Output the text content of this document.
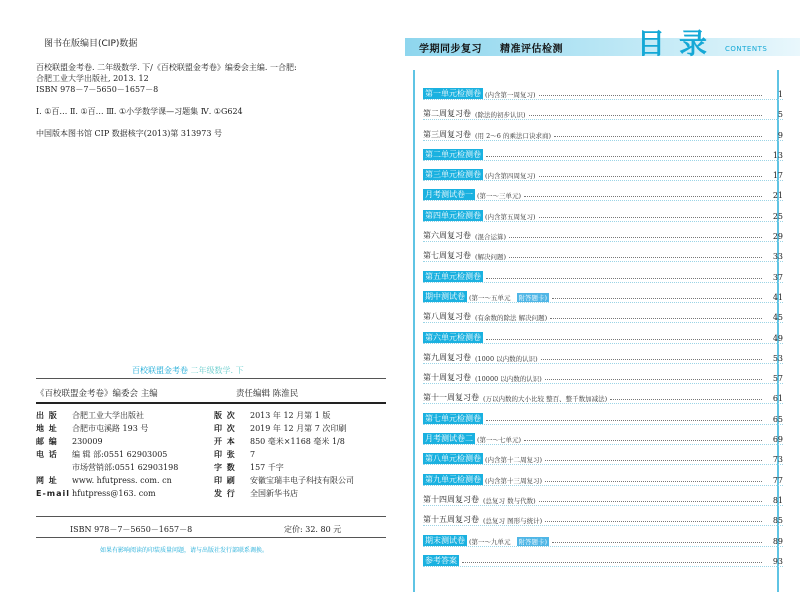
图书在版编目(CIP)数据
百校联盟金考卷. 二年级数学. 下/《百校联盟金考卷》编委会主编. 一合肥:
合肥工业大学出版社, 2013. 12
ISBN 978－7－5650－1657－8

Ⅰ. ①百… Ⅱ. ①百… Ⅲ. ①小学数学课—习题集 Ⅳ. ①G624

中国版本图书馆 CIP 数据核字(2013)第 313973 号
百校联盟金考卷 二年级数学. 下
《百校联盟金考卷》编委会 主编	责任编辑 陈淮民
出 版	合肥工业大学出版社	版 次	2013 年 12 月第 1 版
地 址	合肥市屯溪路 193 号	印 次	2019 年 12 月第 7 次印刷
邮 编	230009	开 本	850 毫米×1168 毫米 1/8
电 话	编 辑 部:0551 62903005	印 张	7
市场营销部:0551 62903198	字 数	157 千字
网 址	www. hfutpress. com. cn	印 刷	安徽宝瑞丰电子科技有限公司
E-mail hfutpress@163. com	发 行	全国新华书店
ISBN 978－7－5650－1657－8	定价: 32. 80 元
如果有影响阅读的印装质量问题，请与出版社发行部联系调换。
学期同步复习 精准评估检测	目录 CONTENTS
第一单元检测卷 (内含第一周复习)	1
第二周复习卷 (除法的初步认识)	5
第三周复习卷 (用 2～6 的乘法口诀求商)	9
第二单元检测卷	13
第三单元检测卷 (内含第四周复习)	17
月考测试卷一 (第一～三单元)	21
第四单元检测卷 (内含第五周复习)	25
第六周复习卷 (混合运算)	29
第七周复习卷 (解决问题)	33
第五单元检测卷	37
期中测试卷 (第一～五单元	附答题卡)	41
第八周复习卷 (有余数的除法 解决问题)	45
第六单元检测卷	49
第九周复习卷 (1000 以内数的认识)	53
第十周复习卷 (10000 以内数的认识)	57
第十一周复习卷 (万以内数的大小比较 整百、整千数加减法)	61
第七单元检测卷	65
月考测试卷二 (第一～七单元)	69
第八单元检测卷 (内含第十二周复习)	73
第九单元检测卷 (内含第十三周复习)	77
第十四周复习卷 (总复习 数与代数)	81
第十五周复习卷 (总复习 图形与统计)	85
期末测试卷 (第一～九单元	附答题卡)	89
参考答案	93
